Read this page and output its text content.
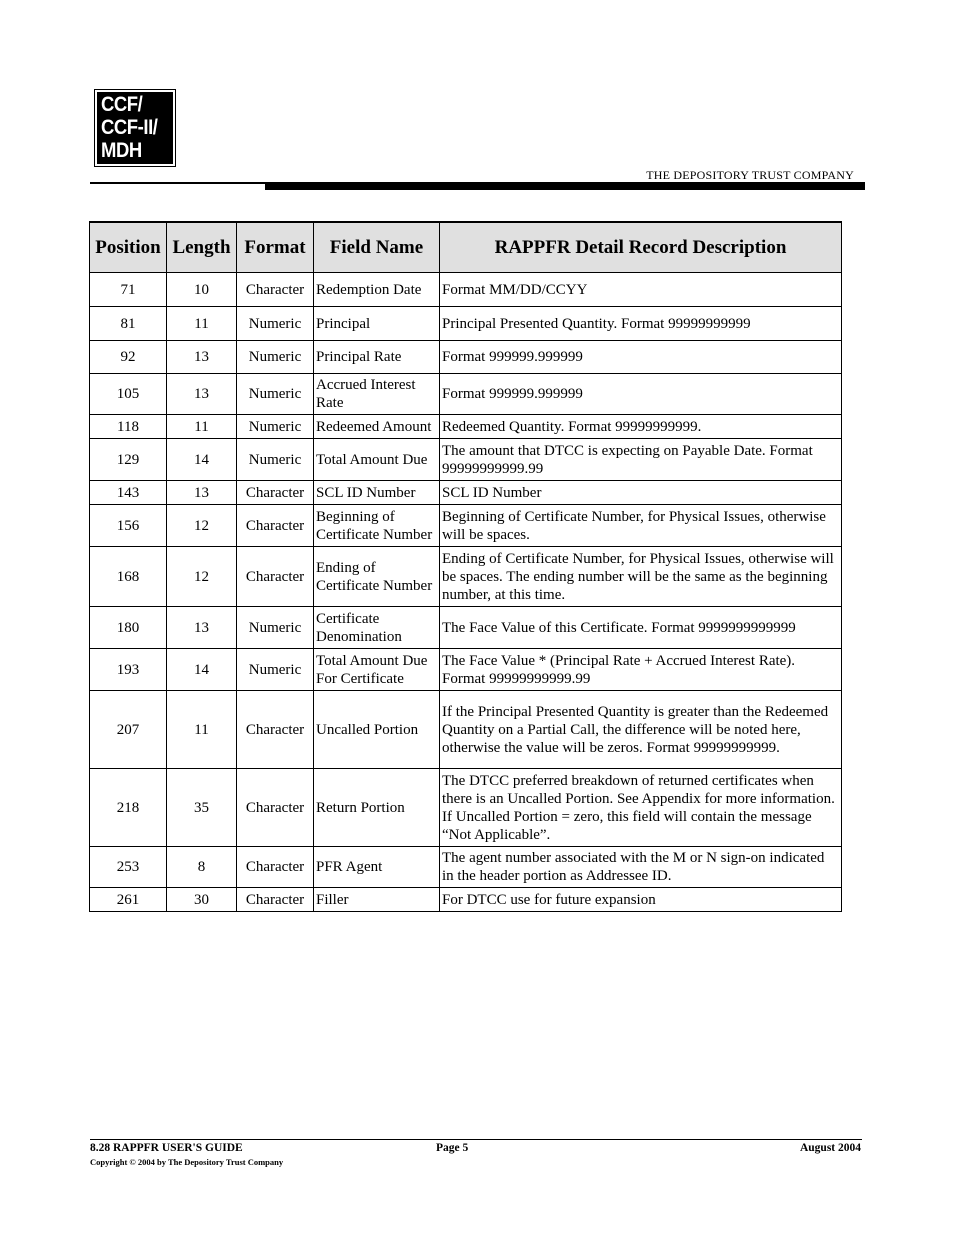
CCF/
CCF-II/
MDH
THE DEPOSITORY TRUST COMPANY
Position	Length	Format	Field Name	RAPPFR Detail Record Description
71	10	Character	Redemption Date	Format MM/DD/CCYY
81	11	Numeric	Principal	Principal Presented Quantity. Format 99999999999
92	13	Numeric	Principal Rate	Format 999999.999999
105	13	Numeric	Accrued Interest Rate	Format 999999.999999
118	11	Numeric	Redeemed Amount	Redeemed Quantity. Format 99999999999.
129	14	Numeric	Total Amount Due	The amount that DTCC is expecting on Payable Date. Format 99999999999.99
143	13	Character	SCL ID Number	SCL ID Number
156	12	Character	Beginning of Certificate Number	Beginning of Certificate Number, for Physical Issues, otherwise will be spaces.
168	12	Character	Ending of Certificate Number	Ending of Certificate Number, for Physical Issues, otherwise will be spaces. The ending number will be the same as the beginning number, at this time.
180	13	Numeric	Certificate Denomination	The Face Value of this Certificate. Format 9999999999999
193	14	Numeric	Total Amount Due For Certificate	The Face Value * (Principal Rate + Accrued Interest Rate). Format 99999999999.99
207	11	Character	Uncalled Portion	If the Principal Presented Quantity is greater than the Redeemed Quantity on a Partial Call, the difference will be noted here, otherwise the value will be zeros. Format 99999999999.
218	35	Character	Return Portion	The DTCC preferred breakdown of returned certificates when there is an Uncalled Portion. See Appendix for more information. If Uncalled Portion = zero, this field will contain the message “Not Applicable”.
253	8	Character	PFR Agent	The agent number associated with the M or N sign-on indicated in the header portion as Addressee ID.
261	30	Character	Filler	For DTCC use for future expansion
8.28 RAPPFR USER'S GUIDE
Copyright © 2004 by The Depository Trust Company
Page 5	August 2004
